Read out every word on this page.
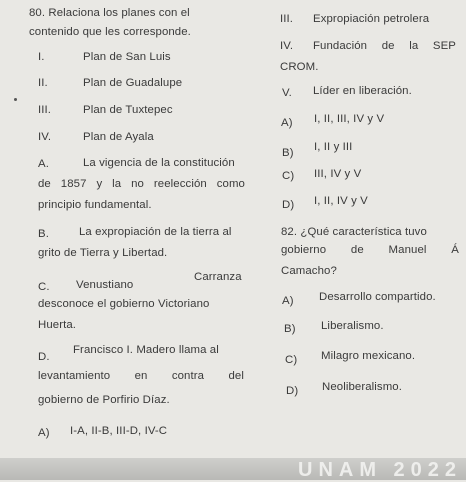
80. Relaciona los planes con el
contenido que les corresponde.
I.	Plan de San Luis
II.	Plan de Guadalupe
III.	Plan de Tuxtepec
IV.	Plan de Ayala
A.	La vigencia de la constitución
de 1857 y la no reelección como
principio fundamental.
B.	La expropiación de la tierra al
grito de Tierra y Libertad.
C. Venustiano
Carranza
desconoce el gobierno Victoriano
Huerta.
D.
Francisco I. Madero llama al
levantamiento en contra del
gobierno de Porfirio Díaz.
A) I-A, II-B, III-D, IV-C
III. Expropiación petrolera
IV. Fundación de la SEP
CROM.
V. Líder en liberación.
A) I, II, III, IV y V
B) I, II y III
C) III, IV y V
D) I, II, IV y V
82. ¿Qué característica tuvo
gobierno de Manuel Á
Camacho?
A) Desarrollo compartido.
B) Liberalismo.
C) Milagro mexicano.
D) Neoliberalismo.
UNAM 2022
